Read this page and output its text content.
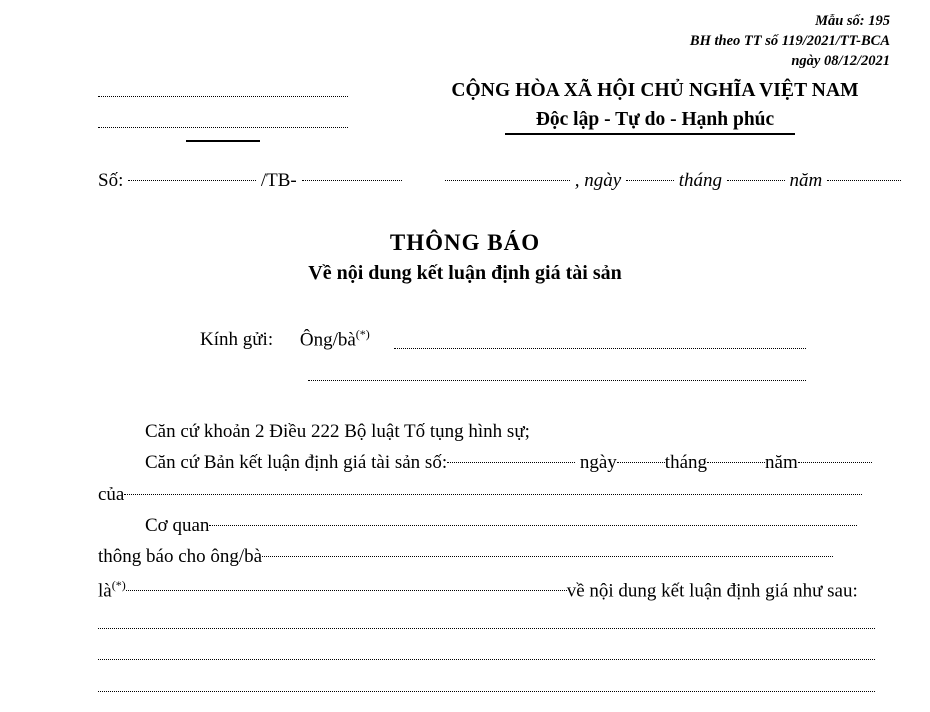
Mẫu số: 195
BH theo TT số 119/2021/TT-BCA
ngày 08/12/2021
CỘNG HÒA XÃ HỘI CHỦ NGHĨA VIỆT NAM
Độc lập - Tự do - Hạnh phúc
Số:	/TB-	, ngày	tháng	năm
THÔNG BÁO
Về nội dung kết luận định giá tài sản
Kính gửi: Ông/bà(*)
Căn cứ khoản 2 Điều 222 Bộ luật Tố tụng hình sự;
Căn cứ Bản kết luận định giá tài sản số:	ngày	tháng	năm
của
Cơ quan
thông báo cho ông/bà
là(*)	về nội dung kết luận định giá như sau:
